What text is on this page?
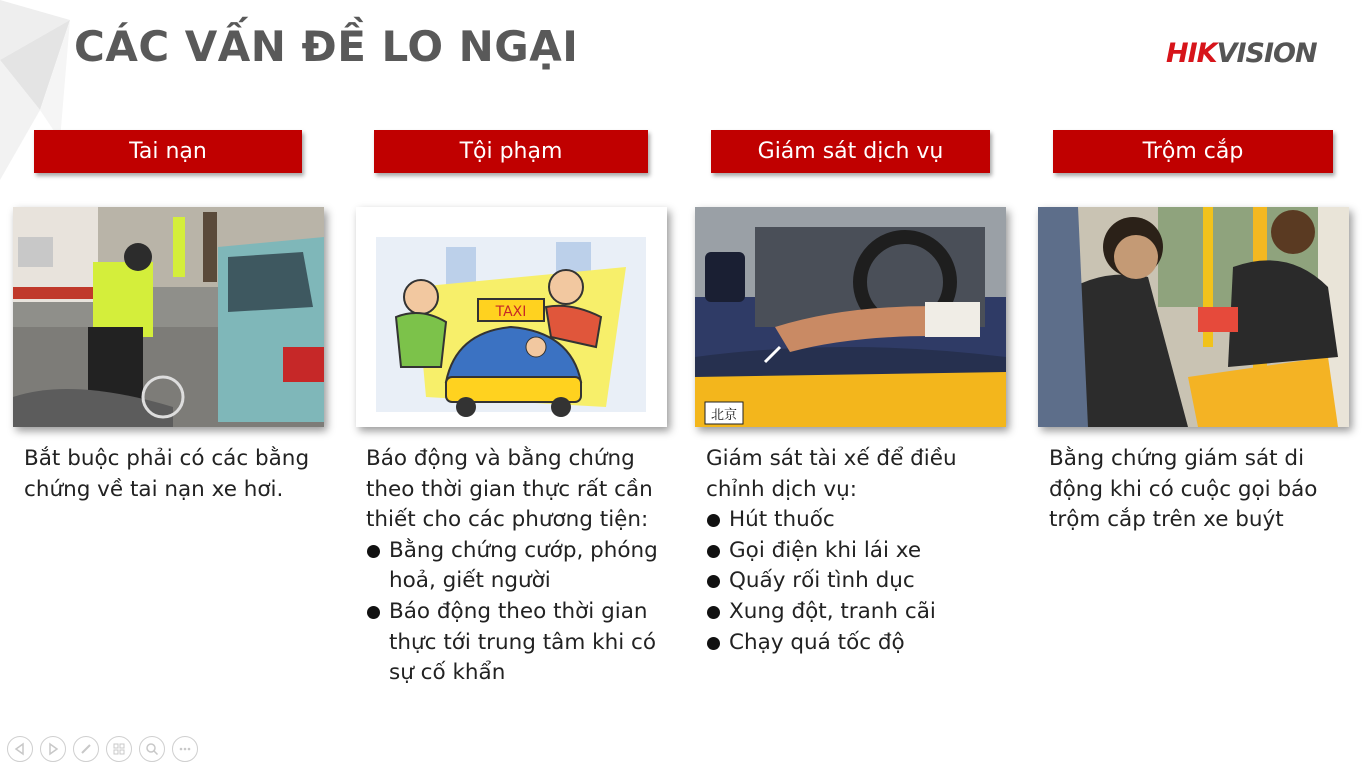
CÁC VẤN ĐỀ LO NGẠI	HIKVISION
Tai nạn

Bắt buộc phải có các bằng chứng về tai nạn xe hơi.

Tội phạm
TAXI

Báo động và bằng chứng theo thời gian thực rất cần thiết cho các phương tiện:

Bằng chứng cướp, phóng hoả, giết người
Báo động theo thời gian thực tới trung tâm khi có sự cố khẩn
Giám sát dịch vụ
北京

Giám sát tài xế để điều chỉnh dịch vụ:

Hút thuốc
Gọi điện khi lái xe
Quấy rối tình dục
Xung đột, tranh cãi
Chạy quá tốc độ
Trộm cắp

Bằng chứng giám sát di động khi có cuộc gọi báo trộm cắp trên xe buýt
